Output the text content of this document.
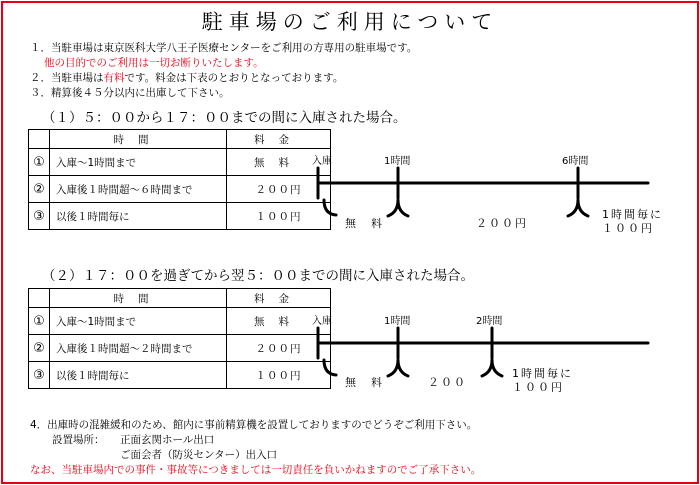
駐車場のご利用について
１．当駐車場は東京医科大学八王子医療センターをご利用の方専用の駐車場です。
他の目的でのご利用は一切お断りいたします。
２．当駐車場は有料です。料金は下表のとおりとなっております。
３．精算後４５分以内に出庫して下さい。
（１）５：００から１７：００までの間に入庫された場合。
	時間	料金
①	入庫～1時間まで	無料
②	入庫後１時間超～６時間まで	２００円
③	以後１時間毎に	１００円
（２）１７：００を過ぎてから翌５：００までの間に入庫された場合。
	時間	料金
①	入庫～1時間まで	無料
②	入庫後１時間超～２時間まで	２００円
③	以後１時間毎に	１００円
入庫	1時間	6時間
無　料	２００円
1時間毎に
１００円
入庫	1時間	2時間
無　料	２００
1時間毎に
１００円
4．出庫時の混雑緩和のため、館内に事前精算機を設置しておりますのでどうぞご利用下さい。
設置場所： 正面玄関ホール出口
ご面会者（防災センター）出入口
なお、当駐車場内での事件・事故等につきましては一切責任を負いかねますのでご了承下さい。
